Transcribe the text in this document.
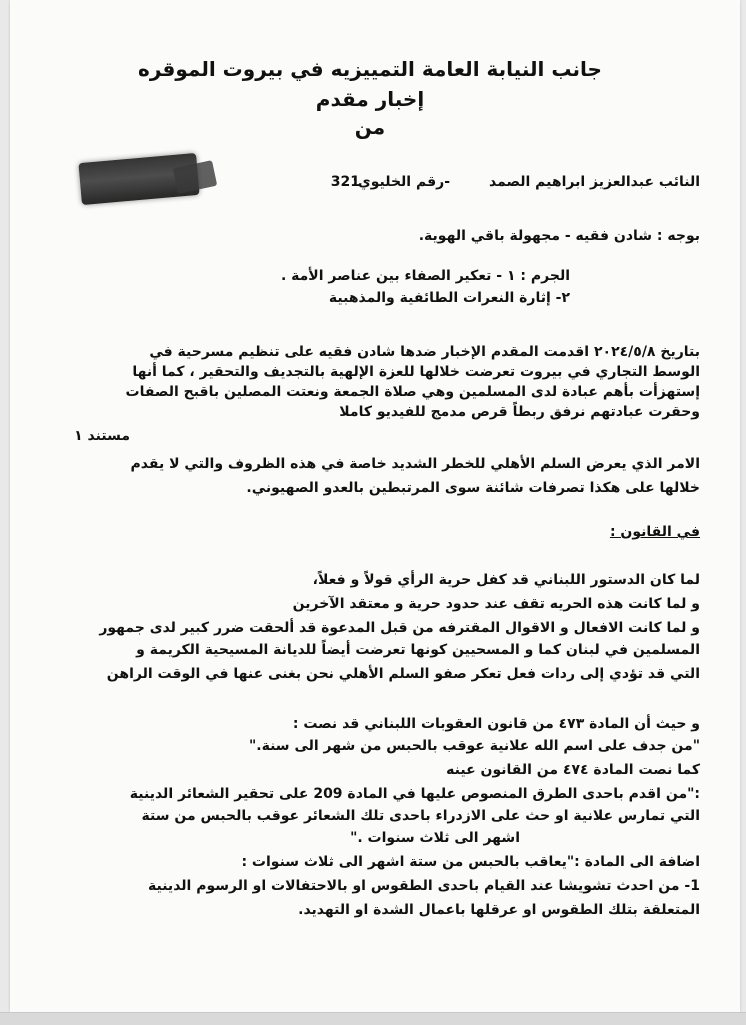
جانب النيابة العامة التمييزيه في بيروت الموقره
إخبار مقدم
من
النائب عبدالعزيز ابراهيم الصمد
-رقم الخليوي:
321
بوجه : شادن فقيه - مجهولة باقي الهوية.
الجرم : ١ - تعكير الصفاء بين عناصر الأمة .
٢- إثارة النعرات الطائفية والمذهبية
بتاريخ ٢٠٢٤/٥/٨ اقدمت المقدم الإخبار ضدها شادن فقيه على تنظيم مسرحية في
الوسط التجاري في بيروت تعرضت خلالها للعزة الإلهية بالتجديف والتحقير ، كما أنها
إستهزأت بأهم عبادة لدى المسلمين وهي صلاة الجمعة ونعتت المصلين باقبح الصفات
وحقرت عبادتهم نرفق ربطاً قرص مدمج للفيديو كاملا
مستند ١
الامر الذي يعرض السلم الأهلي للخطر الشديد خاصة في هذه الظروف والتي لا يقدم
خلالها على هكذا تصرفات شائنة سوى المرتبطين بالعدو الصهيوني.
في القانون :
لما كان الدستور اللبناني قد كفل حرية الرأي قولاً و فعلاً،
و لما كانت هذه الحريه تقف عند حدود حرية و معتقد الآخرين
و لما كانت الافعال و الاقوال المقترفه من قبل المدعوة قد ألحقت ضرر كبير لدى جمهور
المسلمين في لبنان كما و المسحيين كونها تعرضت أيضاً للديانة المسيحية الكريمة و
التي قد تؤدي إلى ردات فعل تعكر صفو السلم الأهلي نحن بغنى عنها في الوقت الراهن
و حيث أن المادة ٤٧٣ من قانون العقوبات اللبناني قد نصت :
"من جدف على اسم الله علانية عوقب بالحبس من شهر الى سنة."
كما نصت المادة ٤٧٤ من القانون عينه
:"من اقدم باحدى الطرق المنصوص عليها في المادة 209 على تحقير الشعائر الدينية
التي تمارس علانية او حث على الازدراء باحدى تلك الشعائر عوقب بالحبس من ستة
اشهر الى ثلاث سنوات ."
اضافة الى المادة :"يعاقب بالحبس من ستة اشهر الى ثلاث سنوات :
1- من احدث تشويشا عند القيام باحدى الطقوس او بالاحتفالات او الرسوم الدينية
المتعلقة بتلك الطقوس او عرقلها باعمال الشدة او التهديد.
